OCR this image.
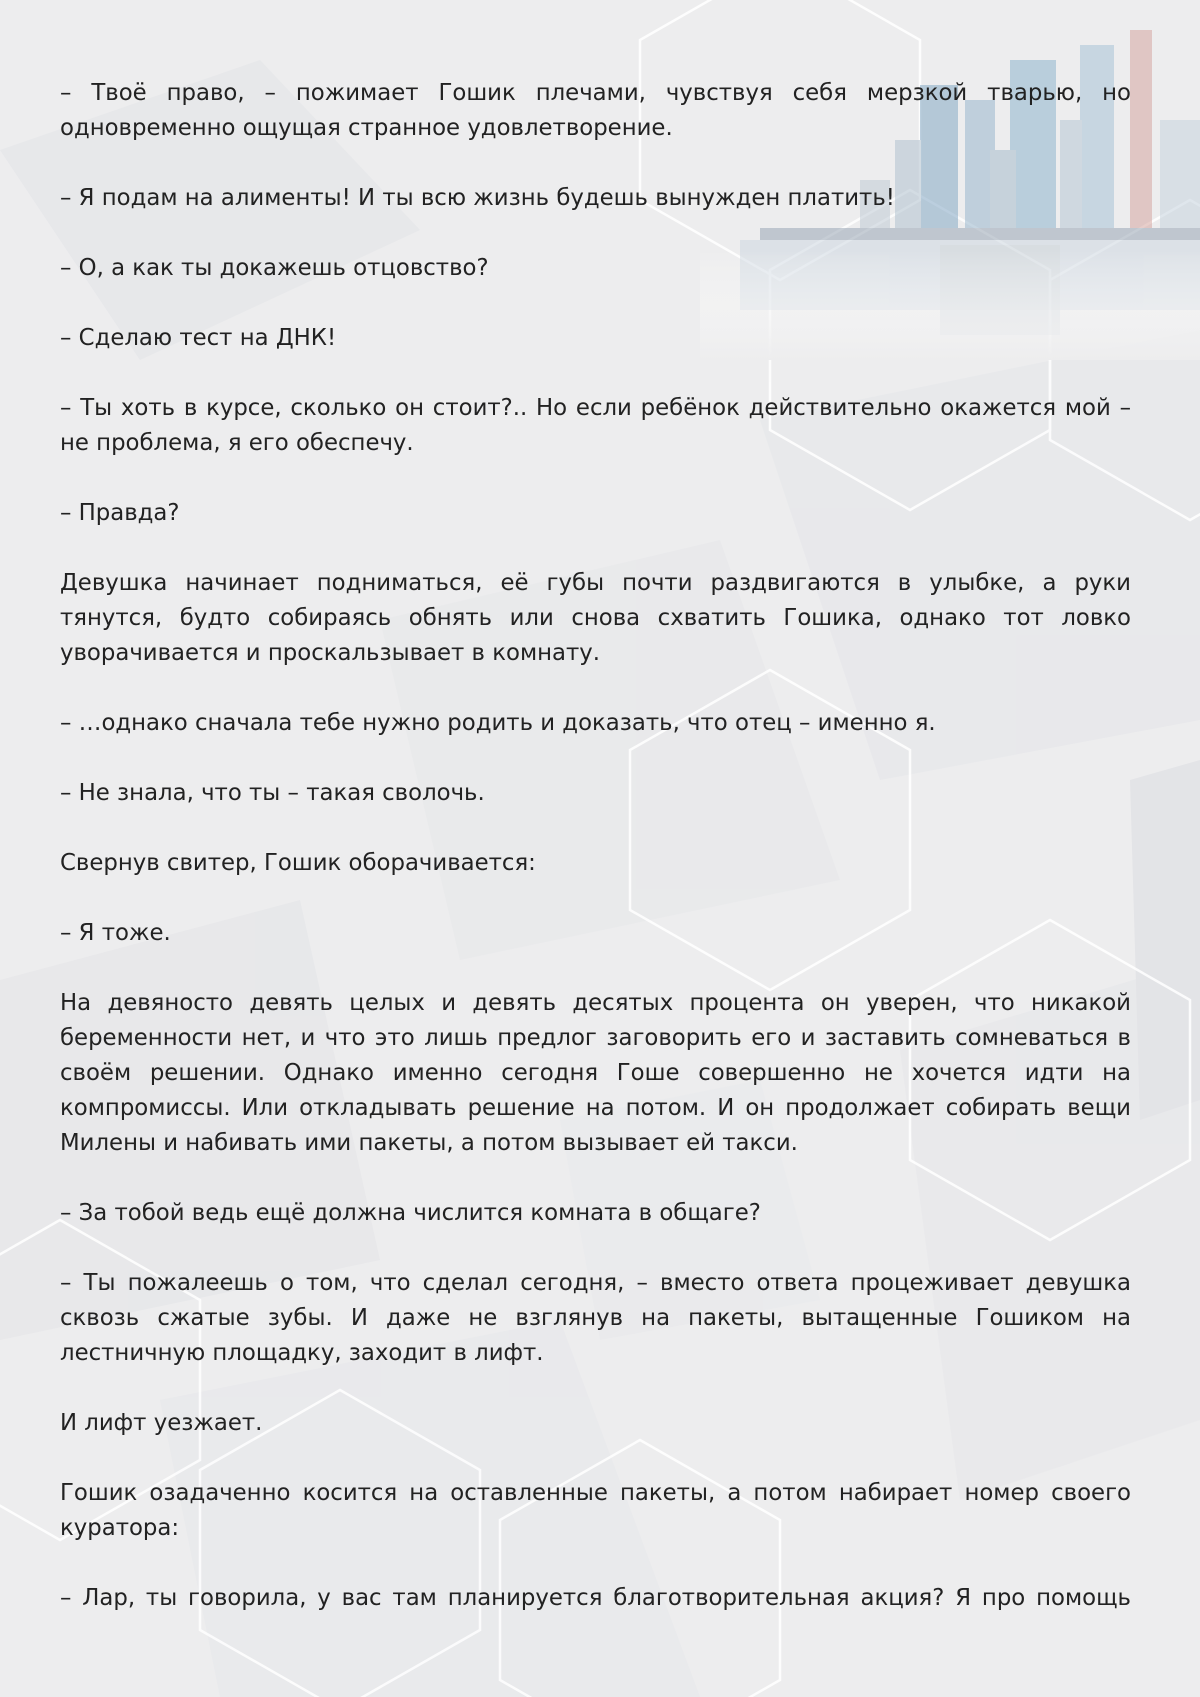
– Твоё право, – пожимает Гошик плечами, чувствуя себя мерзкой тварью, но одновременно ощущая странное удовлетворение.

– Я подам на алименты! И ты всю жизнь будешь вынужден платить!

– О, а как ты докажешь отцовство?

– Сделаю тест на ДНК!

– Ты хоть в курсе, сколько он стоит?.. Но если ребёнок действительно окажется мой – не проблема, я его обеспечу.

– Правда?

Девушка начинает подниматься, её губы почти раздвигаются в улыбке, а руки тянутся, будто собираясь обнять или снова схватить Гошика, однако тот ловко уворачивается и проскальзывает в комнату.

– …однако сначала тебе нужно родить и доказать, что отец – именно я.

– Не знала, что ты – такая сволочь.

Свернув свитер, Гошик оборачивается:

– Я тоже.

На девяносто девять целых и девять десятых процента он уверен, что никакой беременности нет, и что это лишь предлог заговорить его и заставить сомневаться в своём решении. Однако именно сегодня Гоше совершенно не хочется идти на компромиссы. Или откладывать решение на потом. И он продолжает собирать вещи Милены и набивать ими пакеты, а потом вызывает ей такси.

– За тобой ведь ещё должна числится комната в общаге?

– Ты пожалеешь о том, что сделал сегодня, – вместо ответа процеживает девушка сквозь сжатые зубы. И даже не взглянув на пакеты, вытащенные Гошиком на лестничную площадку, заходит в лифт.

И лифт уезжает.

Гошик озадаченно косится на оставленные пакеты, а потом набирает номер своего куратора:

– Лар, ты говорила, у вас там планируется благотворительная акция? Я про помощь
